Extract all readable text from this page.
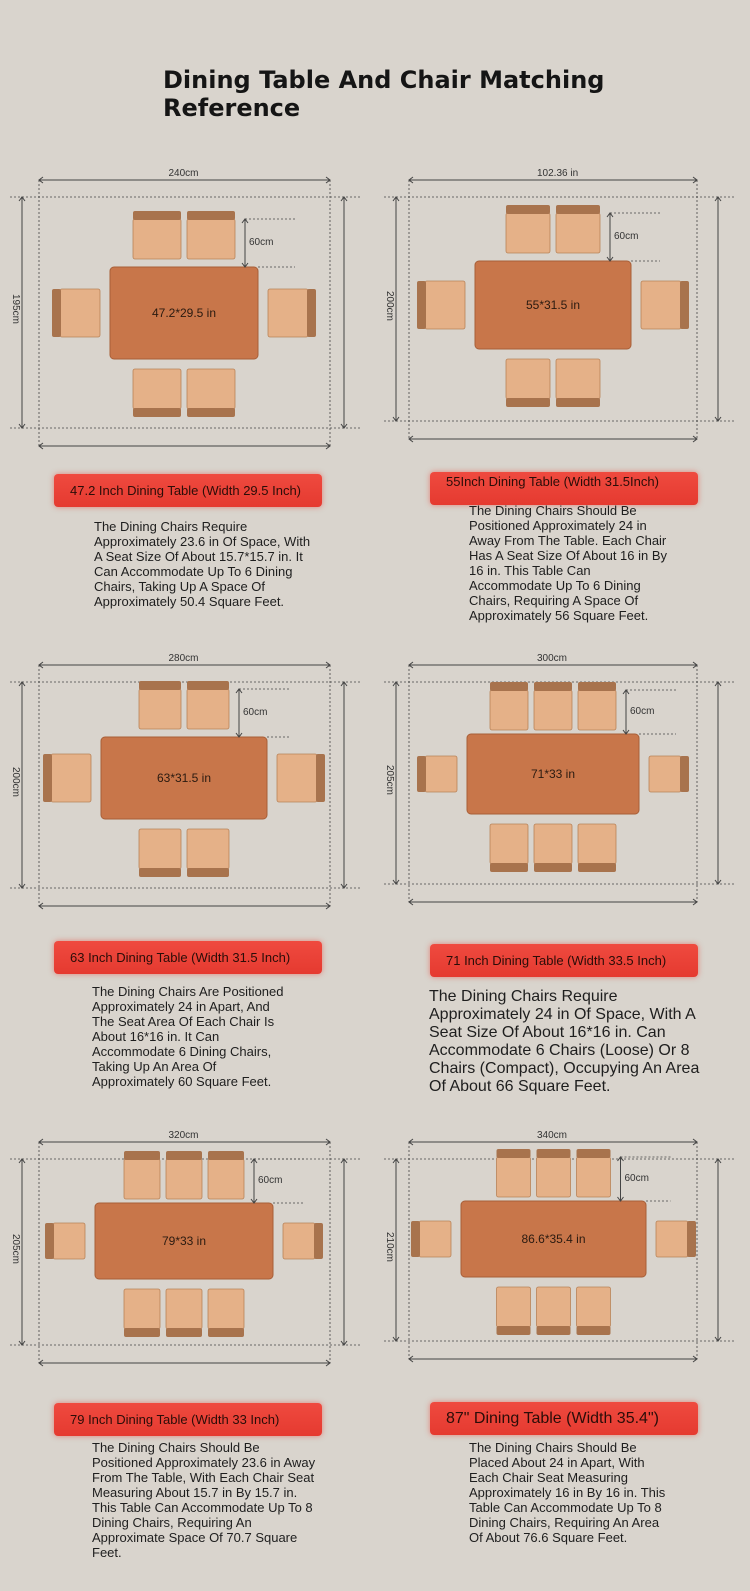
Dining Table And Chair Matching
Reference
240cm
195cm
60cm
47.2*29.5 in
47.2 Inch Dining Table (Width 29.5 Inch)

The Dining Chairs Require Approximately 23.6 in Of Space, With A Seat Size Of About 15.7*15.7 in. It Can Accommodate Up To 6 Dining Chairs, Taking Up A Space Of Approximately 50.4 Square Feet.

102.36 in
200cm
60cm
55*31.5 in
55Inch Dining Table (Width 31.5Inch)

The Dining Chairs Should Be Positioned Approximately 24 in Away From The Table. Each Chair Has A Seat Size Of About 16 in By 16 in. This Table Can Accommodate Up To 6 Dining Chairs, Requiring A Space Of Approximately 56 Square Feet.

280cm
200cm
60cm
63*31.5 in
63 Inch Dining Table (Width 31.5 Inch)

The Dining Chairs Are Positioned Approximately 24 in Apart, And The Seat Area Of Each Chair Is About 16*16 in. It Can Accommodate 6 Dining Chairs, Taking Up An Area Of Approximately 60 Square Feet.

300cm
205cm
60cm
71*33 in
71 Inch Dining Table (Width 33.5 Inch)

The Dining Chairs Require Approximately 24 in Of Space, With A Seat Size Of About 16*16 in. Can Accommodate 6 Chairs (Loose) Or 8 Chairs (Compact), Occupying An Area Of About 66 Square Feet.

320cm
205cm
60cm
79*33 in
79 Inch Dining Table (Width 33 Inch)

The Dining Chairs Should Be Positioned Approximately 23.6 in Away From The Table, With Each Chair Seat Measuring About 15.7 in By 15.7 in. This Table Can Accommodate Up To 8 Dining Chairs, Requiring An Approximate Space Of 70.7 Square Feet.

340cm
210cm
60cm
86.6*35.4 in
87" Dining Table (Width 35.4")

The Dining Chairs Should Be Placed About 24 in Apart, With Each Chair Seat Measuring Approximately 16 in By 16 in. This Table Can Accommodate Up To 8 Dining Chairs, Requiring An Area Of About 76.6 Square Feet.
